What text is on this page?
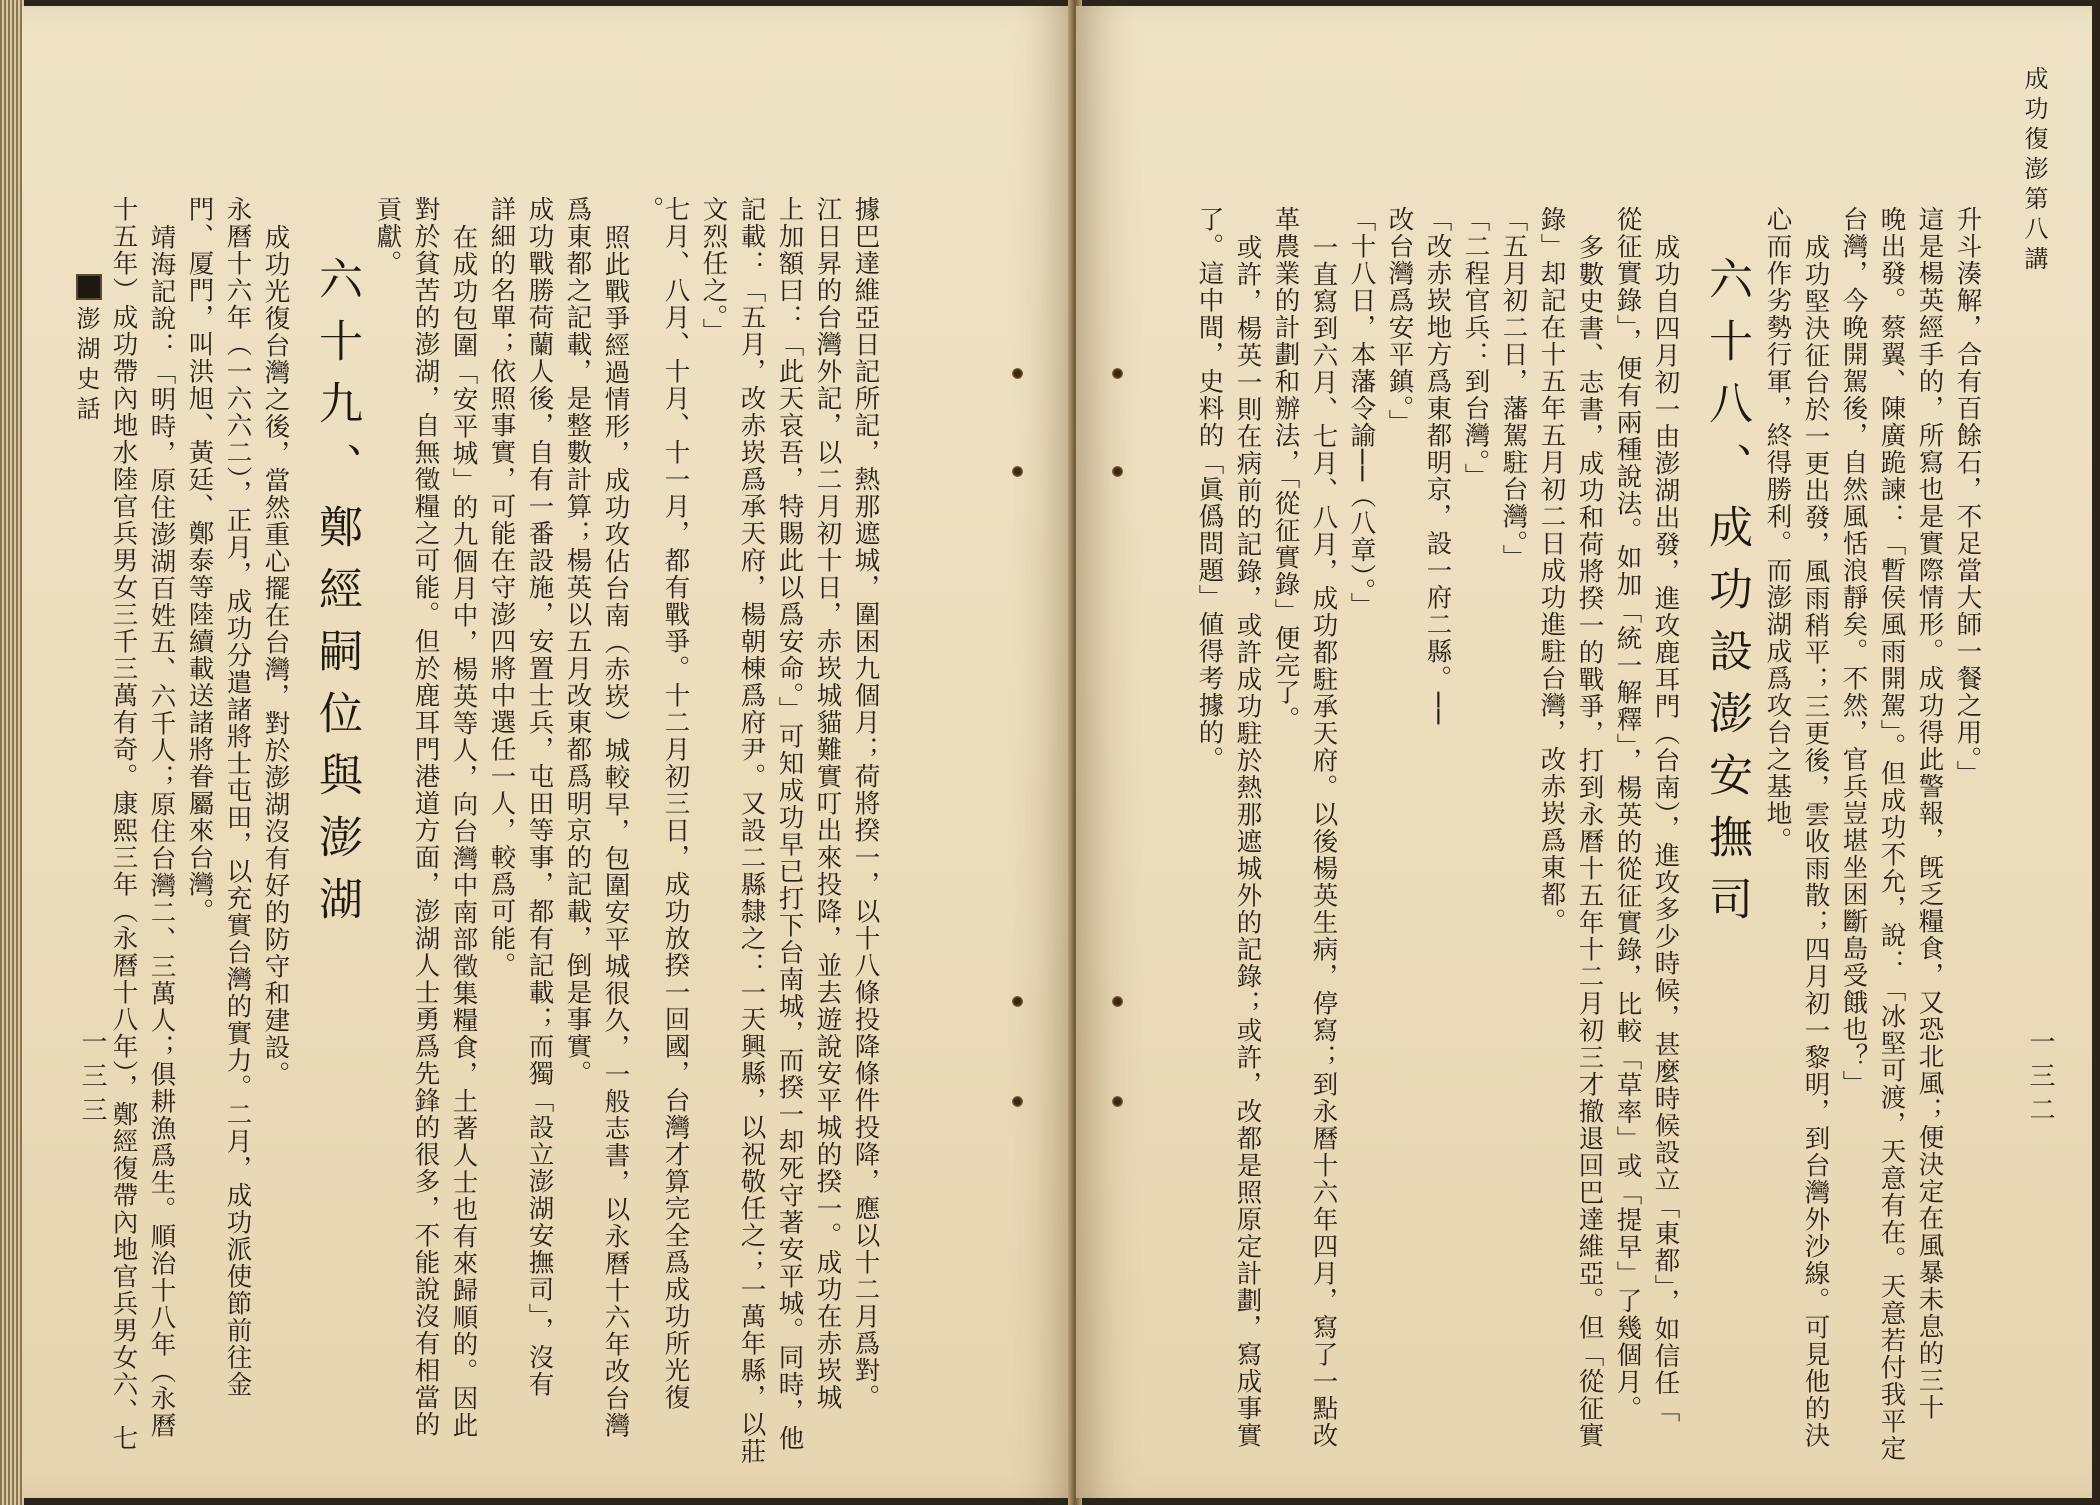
據巴達維亞日記所記，熱那遮城，圍困九個月；荷將揆一，以十八條投降條件投降，應以十二月爲對。
江日昇的台灣外記，以二月初十日，赤崁城貓難實叮出來投降，並去遊說安平城的揆一。成功在赤崁城
上加額曰：「此天哀吾，特賜此以爲安命。」可知成功早已打下台南城，而揆一却死守著安平城。同時，他
記載：「五月，改赤崁爲承天府，楊朝棟爲府尹。又設二縣隸之：一天興縣，以祝敬任之；一萬年縣，以莊
文烈任之。」
七月、八月、十月、十一月，都有戰爭。十二月初三日，成功放揆一回國，台灣才算完全爲成功所光復
。
照此戰爭經過情形，成功攻佔台南（赤崁）城較早，包圍安平城很久，一般志書，以永曆十六年改台灣
爲東都之記載，是整數計算；楊英以五月改東都爲明京的記載，倒是事實。
成功戰勝荷蘭人後，自有一番設施，安置士兵，屯田等事，都有記載；而獨「設立澎湖安撫司」，沒有
詳細的名單；依照事實，可能在守澎四將中選任一人，較爲可能。
在成功包圍「安平城」的九個月中，楊英等人，向台灣中南部徵集糧食，土著人士也有來歸順的。因此
對於貧苦的澎湖，自無徵糧之可能。但於鹿耳門港道方面，澎湖人士勇爲先鋒的很多，不能說沒有相當的
貢獻。
六十九、鄭經嗣位與澎湖
成功光復台灣之後，當然重心擺在台灣，對於澎湖沒有好的防守和建設。
永曆十六年（一六六二），正月，成功分遣諸將士屯田，以充實台灣的實力。二月，成功派使節前往金
門、厦門，叫洪旭、黃廷、鄭泰等陸續載送諸將眷屬來台灣。
靖海記說：「明時，原住澎湖百姓五、六千人；原住台灣二、三萬人；俱耕漁爲生。順治十八年（永曆
十五年）成功帶內地水陸官兵男女三千三萬有奇。康熙三年（永曆十八年），鄭經復帶內地官兵男女六、七
澎湖史話
一三三
成功復澎第八講
一三二
升斗湊解，合有百餘石，不足當大師一餐之用。」
這是楊英經手的，所寫也是實際情形。成功得此警報，旣乏糧食，又恐北風；便決定在風暴未息的三十
晚出發。蔡翼、陳廣跪諫：「暫侯風雨開駕」。但成功不允，說：「冰堅可渡，天意有在。天意若付我平定
台灣，今晚開駕後，自然風恬浪靜矣。不然，官兵豈堪坐困斷島受餓也？」
成功堅決征台於一更出發，風雨稍平；三更後，雲收雨散；四月初一黎明，到台灣外沙線。可見他的決
心而作劣勢行軍，終得勝利。而澎湖成爲攻台之基地。
六十八、成功設澎安撫司
成功自四月初一由澎湖出發，進攻鹿耳門（台南），進攻多少時候，甚麼時候設立「東都」，如信任「
從征實錄」，便有兩種說法。如加「統一解釋」，楊英的從征實錄，比較「草率」或「提早」了幾個月。
多數史書、志書，成功和荷將揆一的戰爭，打到永曆十五年十二月初三才撤退回巴達維亞。但「從征實
錄」却記在十五年五月初二日成功進駐台灣，改赤崁爲東都。
「五月初二日，藩駕駐台灣。」
「二程官兵：到台灣。」
「改赤崁地方爲東都明京，設一府二縣。──
改台灣爲安平鎮。」
「十八日，本藩令諭──（八章）。」
一直寫到六月、七月、八月，成功都駐承天府。以後楊英生病，停寫；到永曆十六年四月，寫了一點改
革農業的計劃和辦法，「從征實錄」便完了。
或許，楊英一則在病前的記錄，或許成功駐於熱那遮城外的記錄；或許，改都是照原定計劃，寫成事實
了。這中間，史料的「眞僞問題」値得考據的。
